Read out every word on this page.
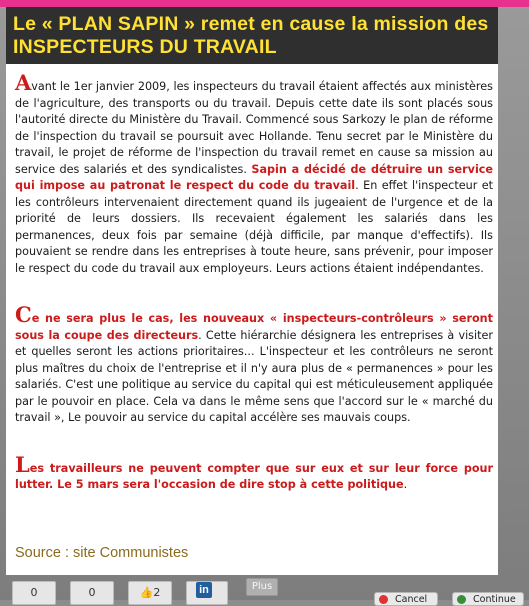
Le « PLAN SAPIN » remet en cause la mission des INSPECTEURS DU TRAVAIL

Avant le 1er janvier 2009, les inspecteurs du travail étaient affectés aux ministères de l'agriculture, des transports ou du travail. Depuis cette date ils sont placés sous l'autorité directe du Ministère du Travail. Commencé sous Sarkozy le plan de réforme de l'inspection du travail se poursuit avec Hollande. Tenu secret par le Ministère du travail, le projet de réforme de l'inspection du travail remet en cause sa mission au service des salariés et des syndicalistes. Sapin a décidé de détruire un service qui impose au patronat le respect du code du travail. En effet l'inspecteur et les contrôleurs intervenaient directement quand ils jugeaient de l'urgence et de la priorité de leurs dossiers. Ils recevaient également les salariés dans les permanences, deux fois par semaine (déjà difficile, par manque d'effectifs). Ils pouvaient se rendre dans les entreprises à toute heure, sans prévenir, pour imposer le respect du code du travail aux employeurs. Leurs actions étaient indépendantes.

Ce ne sera plus le cas, les nouveaux « inspecteurs-contrôleurs » seront sous la coupe des directeurs. Cette hiérarchie désignera les entreprises à visiter et quelles seront les actions prioritaires... L'inspecteur et les contrôleurs ne seront plus maîtres du choix de l'entreprise et il n'y aura plus de « permanences » pour les salariés. C'est une politique au service du capital qui est méticuleusement appliquée par le pouvoir en place. Cela va dans le même sens que l'accord sur le « marché du travail », Le pouvoir au service du capital accélère ses mauvais coups.

Les travailleurs ne peuvent compter que sur eux et sur leur force pour lutter. Le 5 mars sera l'occasion de dire stop à cette politique.

Source : site Communistes
0	0	👍2	in	Plus
Cancel	Continue
